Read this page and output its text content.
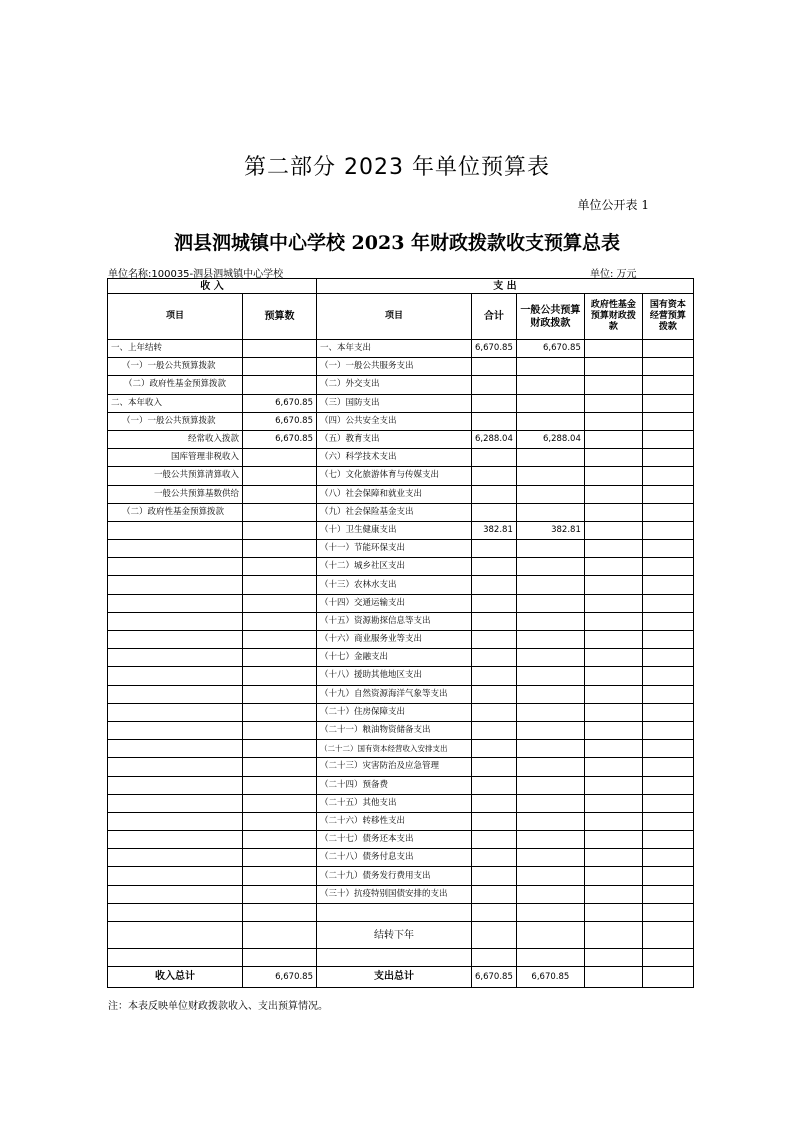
第二部分 2023 年单位预算表
单位公开表 1
泗县泗城镇中心学校 2023 年财政拨款收支预算总表
单位名称:100035-泗县泗城镇中心学校	单位: 万元
收 入		支 出				
项目	预算数	项目	合计	一般公共预算财政拨款	政府性基金预算财政拨款	国有资本经营预算拨款
一、上年结转		一、本年支出	6,670.85	6,670.85		
（一）一般公共预算拨款		（一）一般公共服务支出				
（二）政府性基金预算拨款		（二）外交支出				
二、本年收入	6,670.85	（三）国防支出				
（一）一般公共预算拨款	6,670.85	（四）公共安全支出				
经常收入拨款	6,670.85	（五）教育支出	6,288.04	6,288.04		
国库管理非税收入		（六）科学技术支出				
一般公共预算清算收入		（七）文化旅游体育与传媒支出				
一般公共预算基数供给		（八）社会保障和就业支出				
（二）政府性基金预算拨款		（九）社会保险基金支出				
		（十）卫生健康支出	382.81	382.81		
		（十一）节能环保支出				
		（十二）城乡社区支出				
		（十三）农林水支出				
		（十四）交通运输支出				
		（十五）资源勘探信息等支出				
		（十六）商业服务业等支出				
		（十七）金融支出				
		（十八）援助其他地区支出				
		（十九）自然资源海洋气象等支出				
		（二十）住房保障支出				
		（二十一）粮油物资储备支出				
		（二十二）国有资本经营收入安排支出				
		（二十三）灾害防治及应急管理				
		（二十四）预备费				
		（二十五）其他支出				
		（二十六）转移性支出				
		（二十七）债务还本支出				
		（二十八）债务付息支出				
		（二十九）债务发行费用支出				
		（三十）抗疫特别国债安排的支出				

		结转下年				

收入总计	6,670.85	支出总计	6,670.85	6,670.85		
注：本表反映单位财政拨款收入、支出预算情况。
